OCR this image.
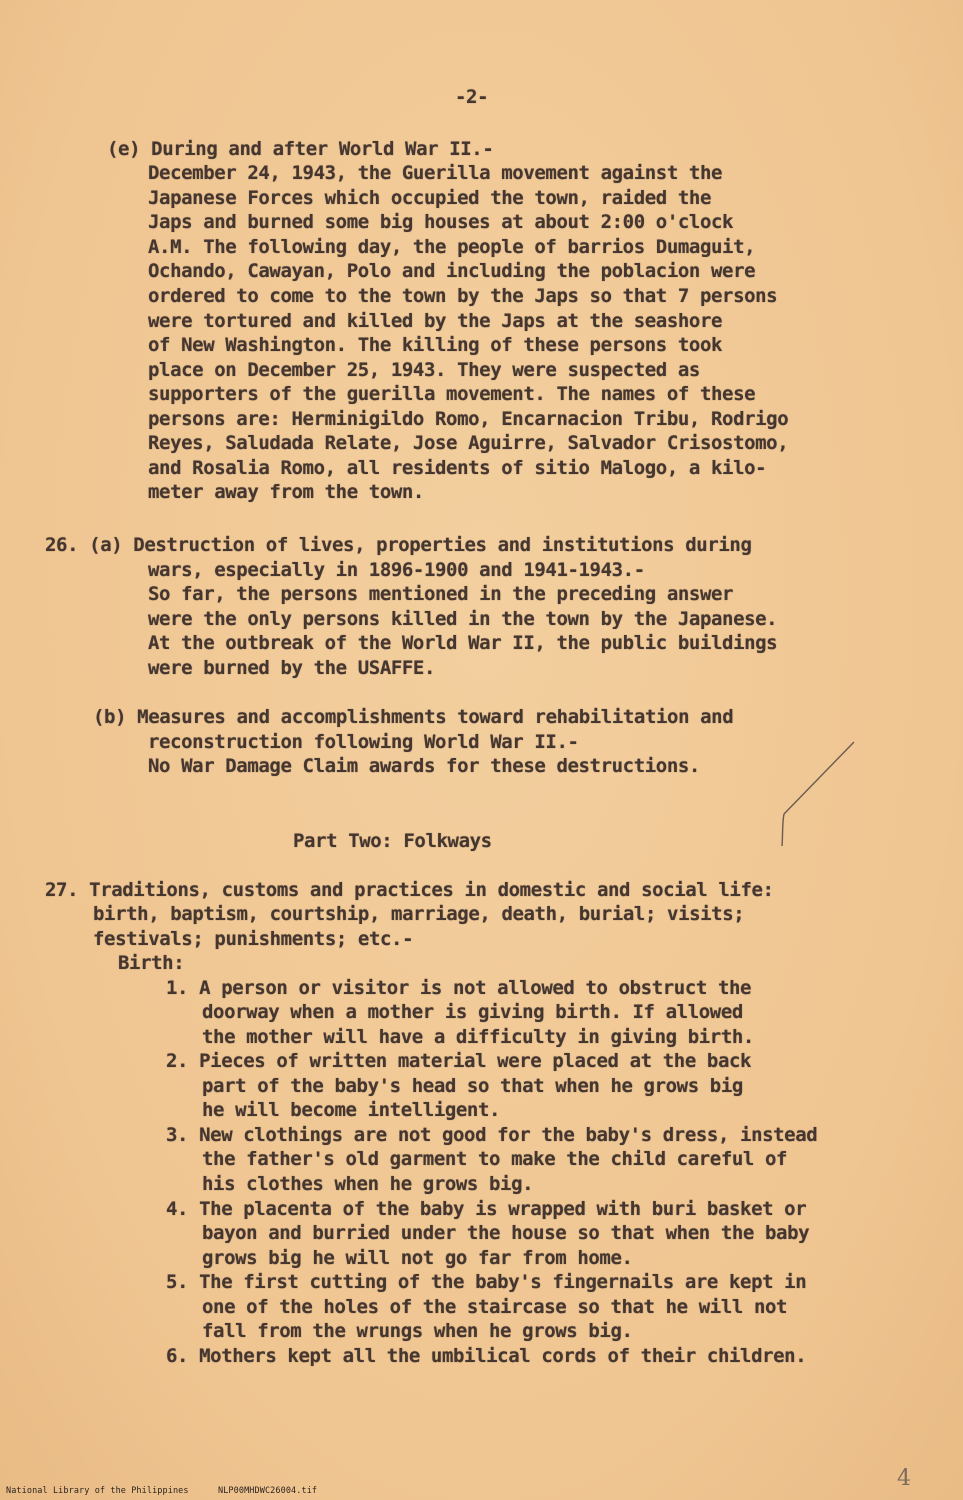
-2-
(e) During and after World War II.-
December 24, 1943, the Guerilla movement against the
Japanese Forces which occupied the town, raided the
Japs and burned some big houses at about 2:00 o'clock
A.M. The following day, the people of barrios Dumaguit,
Ochando, Cawayan, Polo and including the poblacion were
ordered to come to the town by the Japs so that 7 persons
were tortured and killed by the Japs at the seashore
of New Washington. The killing of these persons took
place on December 25, 1943. They were suspected as
supporters of the guerilla movement. The names of these
persons are: Herminigildo Romo, Encarnacion Tribu, Rodrigo
Reyes, Saludada Relate, Jose Aguirre, Salvador Crisostomo,
and Rosalia Romo, all residents of sitio Malogo, a kilo-
meter away from the town.
26. (a) Destruction of lives, properties and institutions during
wars, especially in 1896-1900 and 1941-1943.-
So far, the persons mentioned in the preceding answer
were the only persons killed in the town by the Japanese.
At the outbreak of the World War II, the public buildings
were burned by the USAFFE.
(b) Measures and accomplishments toward rehabilitation and
reconstruction following World War II.-
No War Damage Claim awards for these destructions.
Part Two: Folkways
27. Traditions, customs and practices in domestic and social life:
birth, baptism, courtship, marriage, death, burial; visits;
festivals; punishments; etc.-
Birth:
1. A person or visitor is not allowed to obstruct the
doorway when a mother is giving birth. If allowed
the mother will have a difficulty in giving birth.
2. Pieces of written material were placed at the back
part of the baby's head so that when he grows big
he will become intelligent.
3. New clothings are not good for the baby's dress, instead
the father's old garment to make the child careful of
his clothes when he grows big.
4. The placenta of the baby is wrapped with buri basket or
bayon and burried under the house so that when the baby
grows big he will not go far from home.
5. The first cutting of the baby's fingernails are kept in
one of the holes of the staircase so that he will not
fall from the wrungs when he grows big.
6. Mothers kept all the umbilical cords of their children.
4
National Library of the Philippines	NLP00MHDWC26004.tif
